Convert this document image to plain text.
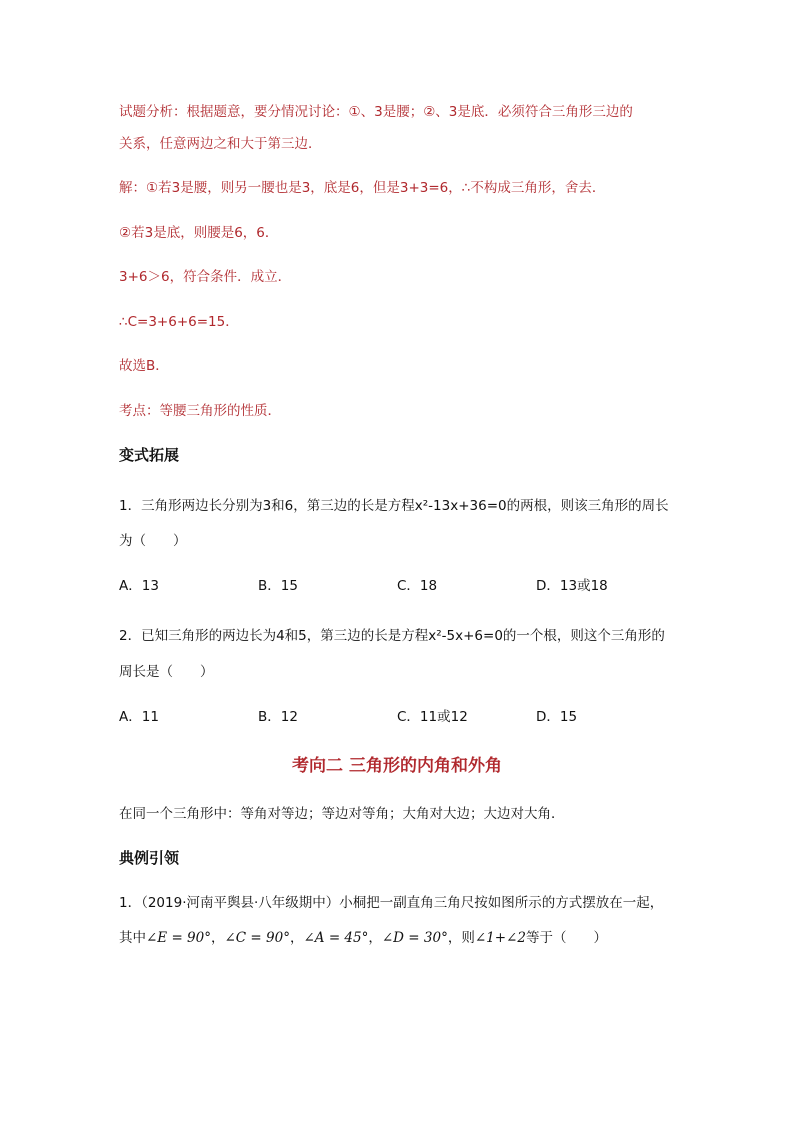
试题分析：根据题意，要分情况讨论：①、3是腰；②、3是底．必须符合三角形三边的
关系，任意两边之和大于第三边．
解：①若3是腰，则另一腰也是3，底是6，但是3+3=6，∴不构成三角形，舍去．
②若3是底，则腰是6，6．
3+6＞6，符合条件．成立．
∴C=3+6+6=15．
故选B．
考点：等腰三角形的性质．
变式拓展
1．三角形两边长分别为3和6，第三边的长是方程x²-13x+36=0的两根，则该三角形的周长
为（　　）
A．13	B．15	C．18	D．13或18
2．已知三角形的两边长为4和5，第三边的长是方程x²-5x+6=0的一个根，则这个三角形的
周长是（　　）
A．11	B．12	C．11或12	D．15
考向二 三角形的内角和外角
在同一个三角形中：等角对等边；等边对等角；大角对大边；大边对大角．
典例引领
1．（2019·河南平舆县·八年级期中）小桐把一副直角三角尺按如图所示的方式摆放在一起，
其中∠E = 90°，∠C = 90°，∠A = 45°，∠D = 30°，则∠1+∠2等于（　　）
